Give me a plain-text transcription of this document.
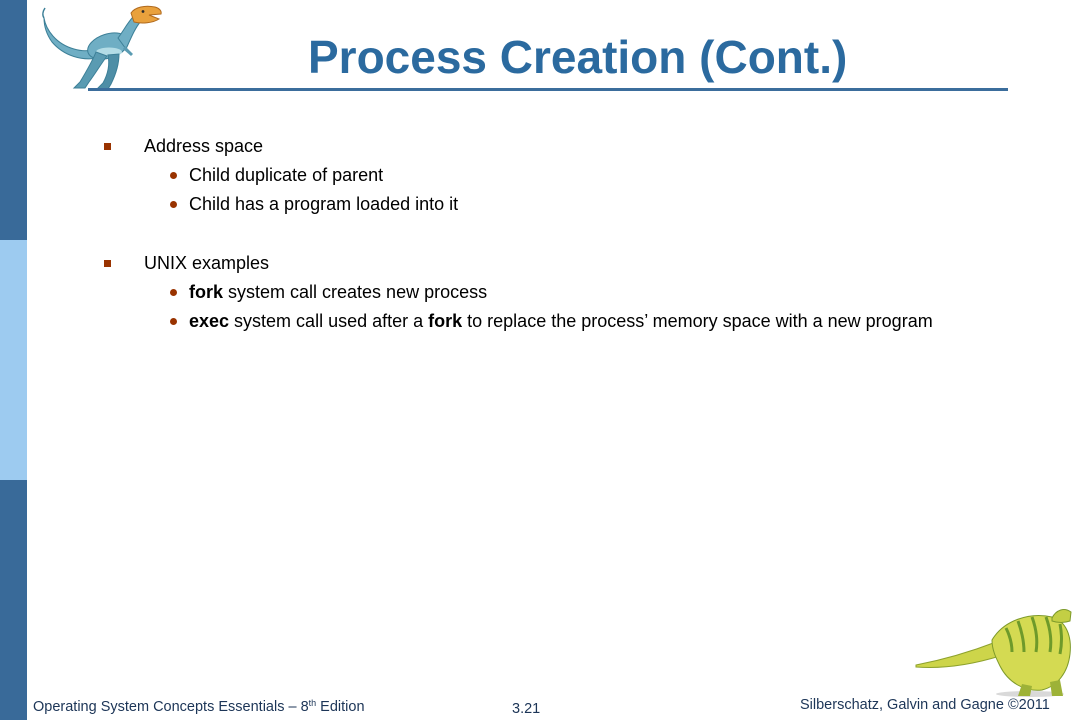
Process Creation (Cont.)
Address space
Child duplicate of parent
Child has a program loaded into it
UNIX examples
fork system call creates new process
exec system call used after a fork to replace the process’ memory space with a new program
Operating System Concepts Essentials – 8th Edition	3.21	Silberschatz, Galvin and Gagne ©2011
